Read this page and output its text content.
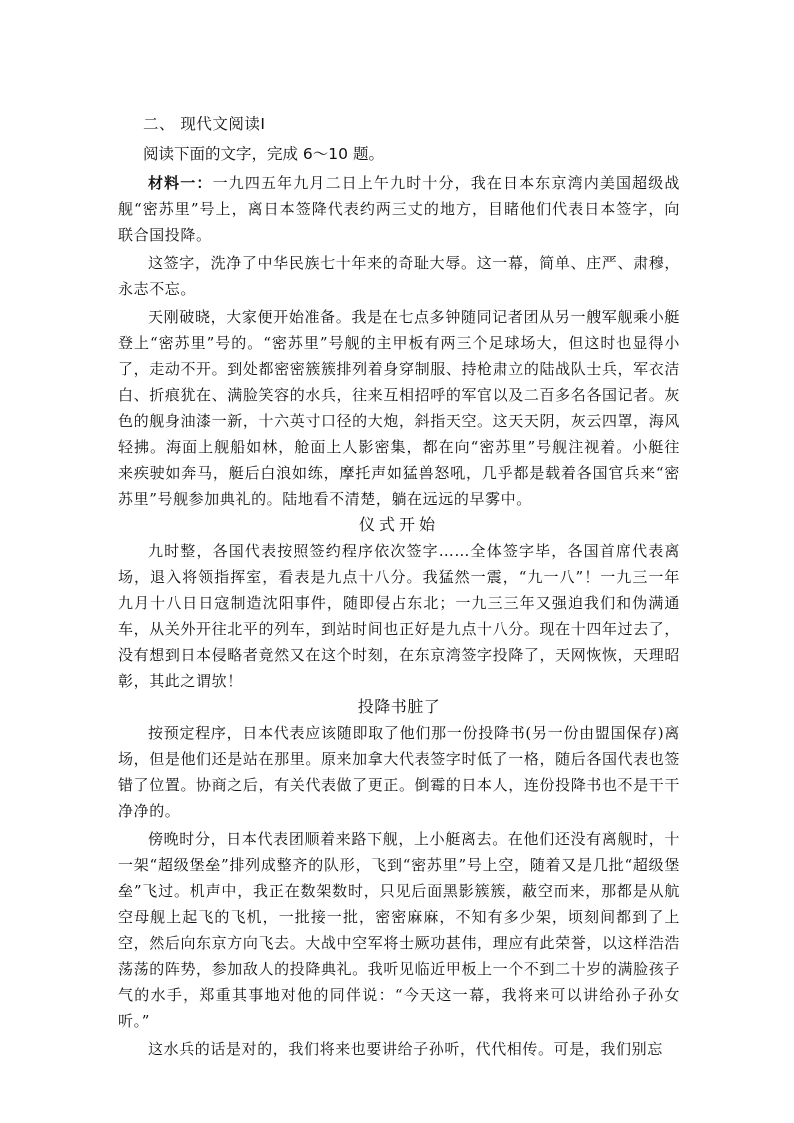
二、 现代文阅读Ⅰ
阅读下面的文字，完成 6～10 题。

材料一：一九四五年九月二日上午九时十分，我在日本东京湾内美国超级战舰“密苏里”号上，离日本签降代表约两三丈的地方，目睹他们代表日本签字，向联合国投降。

这签字，洗净了中华民族七十年来的奇耻大辱。这一幕，简单、庄严、肃穆，永志不忘。

天刚破晓，大家便开始准备。我是在七点多钟随同记者团从另一艘军舰乘小艇登上“密苏里”号的。“密苏里”号舰的主甲板有两三个足球场大，但这时也显得小了，走动不开。到处都密密簇簇排列着身穿制服、持枪肃立的陆战队士兵，军衣洁白、折痕犹在、满脸笑容的水兵，往来互相招呼的军官以及二百多名各国记者。灰色的舰身油漆一新，十六英寸口径的大炮，斜指天空。这天天阴，灰云四罩，海风轻拂。海面上舰船如林，舱面上人影密集，都在向“密苏里”号舰注视着。小艇往来疾驶如奔马，艇后白浪如练，摩托声如猛兽怒吼，几乎都是载着各国官兵来“密苏里”号舰参加典礼的。陆地看不清楚，躺在远远的早雾中。

仪式开始

九时整，各国代表按照签约程序依次签字……全体签字毕，各国首席代表离场，退入将领指挥室，看表是九点十八分。我猛然一震，“九一八”！一九三一年九月十八日日寇制造沈阳事件，随即侵占东北；一九三三年又强迫我们和伪满通车，从关外开往北平的列车，到站时间也正好是九点十八分。现在十四年过去了，没有想到日本侵略者竟然又在这个时刻，在东京湾签字投降了，天网恢恢，天理昭彰，其此之谓欤！

投降书脏了

按预定程序，日本代表应该随即取了他们那一份投降书(另一份由盟国保存)离场，但是他们还是站在那里。原来加拿大代表签字时低了一格，随后各国代表也签错了位置。协商之后，有关代表做了更正。倒霉的日本人，连份投降书也不是干干净净的。

傍晚时分，日本代表团顺着来路下舰，上小艇离去。在他们还没有离舰时，十一架“超级堡垒”排列成整齐的队形，飞到“密苏里”号上空，随着又是几批“超级堡垒”飞过。机声中，我正在数架数时，只见后面黑影簇簇，蔽空而来，那都是从航空母舰上起飞的飞机，一批接一批，密密麻麻，不知有多少架，顷刻间都到了上空，然后向东京方向飞去。大战中空军将士厥功甚伟，理应有此荣誉，以这样浩浩荡荡的阵势，参加敌人的投降典礼。我听见临近甲板上一个不到二十岁的满脸孩子气的水手，郑重其事地对他的同伴说：“今天这一幕，我将来可以讲给孙子孙女听。”

这水兵的话是对的，我们将来也要讲给子孙听，代代相传。可是，我们别忘
